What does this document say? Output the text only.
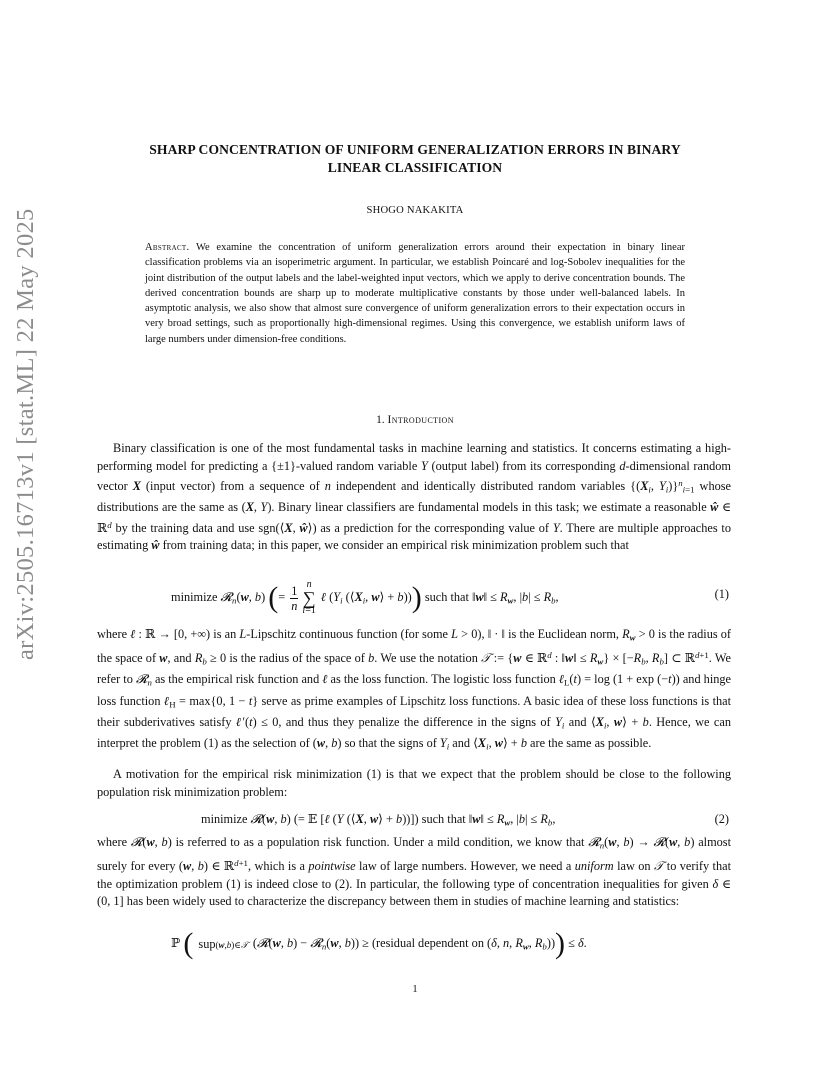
arXiv:2505.16713v1 [stat.ML] 22 May 2025
SHARP CONCENTRATION OF UNIFORM GENERALIZATION ERRORS IN BINARY
LINEAR CLASSIFICATION
SHOGO NAKAKITA
Abstract. We examine the concentration of uniform generalization errors around their expectation in binary linear classification problems via an isoperimetric argument. In particular, we establish Poincaré and log-Sobolev inequalities for the joint distribution of the output labels and the label-weighted input vectors, which we apply to derive concentration bounds. The derived concentration bounds are sharp up to moderate multiplicative constants by those under well-balanced labels. In asymptotic analysis, we also show that almost sure convergence of uniform generalization errors to their expectation occurs in very broad settings, such as proportionally high-dimensional regimes. Using this convergence, we establish uniform laws of large numbers under dimension-free conditions.
1. Introduction
Binary classification is one of the most fundamental tasks in machine learning and statistics. It concerns estimating a high-performing model for predicting a {±1}-valued random variable Y (output label) from its corresponding d-dimensional random vector X (input vector) from a sequence of n independent and identically distributed random variables {($X_i$, $Y_i)\}^n_{i=1}$ whose distributions are the same as (X, Y). Binary linear classifiers are fundamental models in this task; we estimate a reasonable ŵ ∈ ℝ$^d$ by the training data and use sgn(⟨X, ŵ⟩) as a prediction for the corresponding value of Y. There are multiple approaches to estimating ŵ from training data; in this paper, we consider an empirical risk minimization problem such that
minimize 𝓡$_n$(w, b) (= $\frac{1}{n}$ n
∑
i=1 ℓ ($Y_i$ ($⟨X_i$, w⟩ + b))) such that ‖w‖ ≤ $R_w$, $|b| \le R_b$,	(1)
where ℓ : ℝ → [0, +∞) is an L-Lipschitz continuous function (for some L > 0), ‖ · ‖ is the Euclidean norm, $R_w > 0$ is the radius of the space of w, and $R_b \ge 0$ is the radius of the space of b. We use the notation 𝒯 := {w ∈ ℝ$^d$ : ‖w‖ ≤ $R_w\} \times [-R_b$, $R_b$] ⊂ ℝ$^{d+1}$. We refer to 𝓡$_n$ as the empirical risk function and ℓ as the loss function. The logistic loss function ℓ$_L$(t) = log (1 + exp (−t)) and hinge loss function ℓ$_H$ = max{0, 1 − t} serve as prime examples of Lipschitz loss functions. A basic idea of these loss functions is that their subderivatives satisfy ℓ′(t) ≤ 0, and thus they penalize the difference in the signs of $Y_i$ and $⟨X_i$, w⟩ + b. Hence, we can interpret the problem (1) as the selection of (w, b) so that the signs of $Y_i$ and $⟨X_i$, w⟩ + b are the same as possible.
A motivation for the empirical risk minimization (1) is that we expect that the problem should be close to the following population risk minimization problem:
minimize 𝓡(w, b) (= 𝔼 [ℓ (Y (⟨X, w⟩ + b))]) such that ‖w‖ ≤ $R_w$, $|b| \le R_b$,	(2)
where 𝓡(w, b) is referred to as a population risk function. Under a mild condition, we know that 𝓡$_n$(w, b) → 𝓡(w, b) almost surely for every (w, b) ∈ ℝ$^{d+1}$, which is a pointwise law of large numbers. However, we need a uniform law on 𝒯 to verify that the optimization problem (1) is indeed close to (2). In particular, the following type of concentration inequalities for given δ ∈ (0, 1] has been widely used to characterize the discrepancy between them in studies of machine learning and statistics:
ℙ ( sup(w,b)∈𝒯 (𝓡(w, b) − 𝓡$_n$(w, b)) ≥ (residual dependent on (δ, n, $R_w$, $R_b))) \le \delta$.
1
